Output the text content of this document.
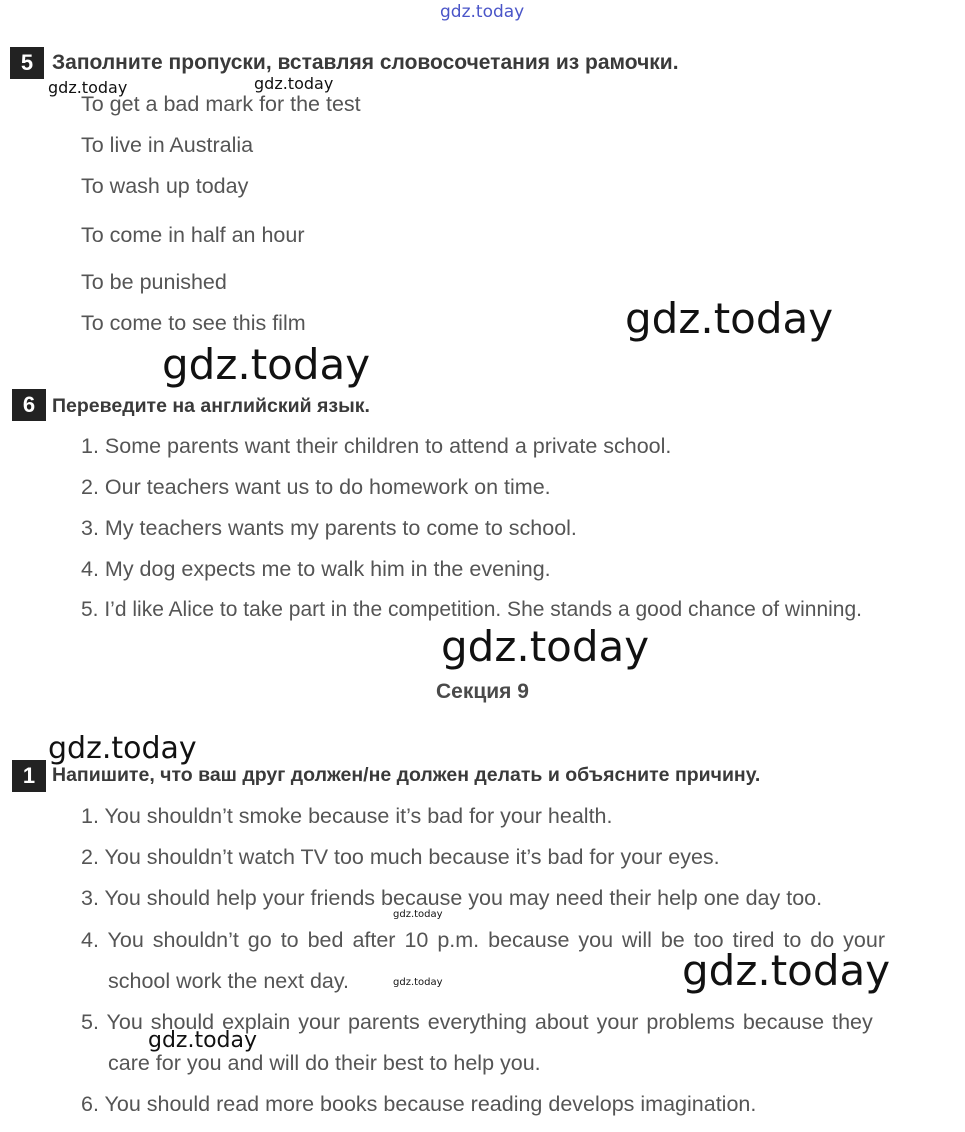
gdz.today
5 Заполните пропуски, вставляя словосочетания из рамочки.
gdz.today	gdz.today
To get a bad mark for the test
To live in Australia
To wash up today
To come in half an hour
To be punished
To come to see this film	gdz.today
gdz.today
6 Переведите на английский язык.
1. Some parents want their children to attend a private school.
2. Our teachers want us to do homework on time.
3. My teachers wants my parents to come to school.
4. My dog expects me to walk him in the evening.
5. I’d like Alice to take part in the competition. She stands a good chance of winning.
gdz.today
Секция 9
gdz.today
1 Напишите, что ваш друг должен/не должен делать и объясните причину.
1. You shouldn’t smoke because it’s bad for your health.
2. You shouldn’t watch TV too much because it’s bad for your eyes.
3. You should help your friends because you may need their help one day too.
gdz.today
4. You shouldn’t go to bed after 10 p.m. because you will be too tired to do your
school work the next day.	gdz.today	gdz.today
5. You should explain your parents everything about your problems because they
gdz.today
care for you and will do their best to help you.
6. You should read more books because reading develops imagination.
